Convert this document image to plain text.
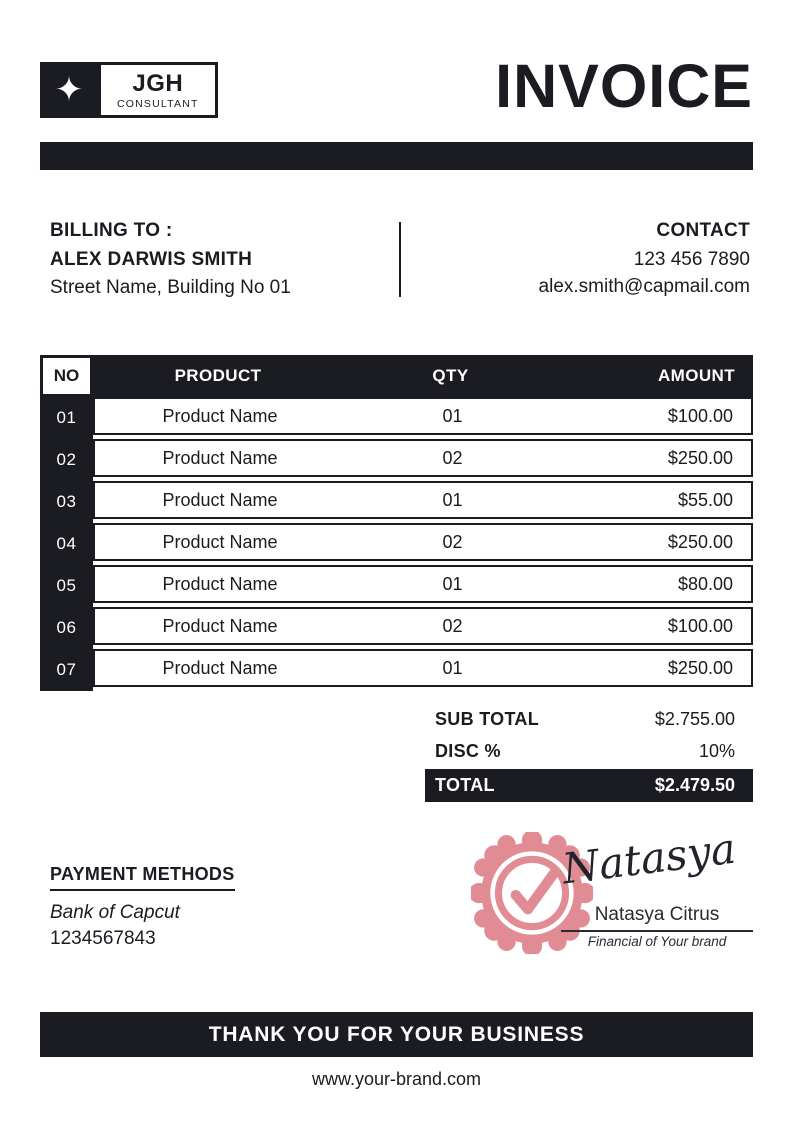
✦ JGH
CONSULTANT	INVOICE
BILLING TO :
ALEX DARWIS SMITH
Street Name, Building No 01
CONTACT
123 456 7890
alex.smith@capmail.com
NO	PRODUCT	QTY	AMOUNT
01	Product Name	01	$100.00
02	Product Name	02	$250.00
03	Product Name	01	$55.00
04	Product Name	02	$250.00
05	Product Name	01	$80.00
06	Product Name	02	$100.00
07	Product Name	01	$250.00
SUB TOTAL	$2.755.00
DISC %	10%
TOTAL	$2.479.50
PAYMENT METHODS
Bank of Capcut
1234567843
Natasya
Natasya Citrus
Financial of Your brand
THANK YOU FOR YOUR BUSINESS
www.your-brand.com
